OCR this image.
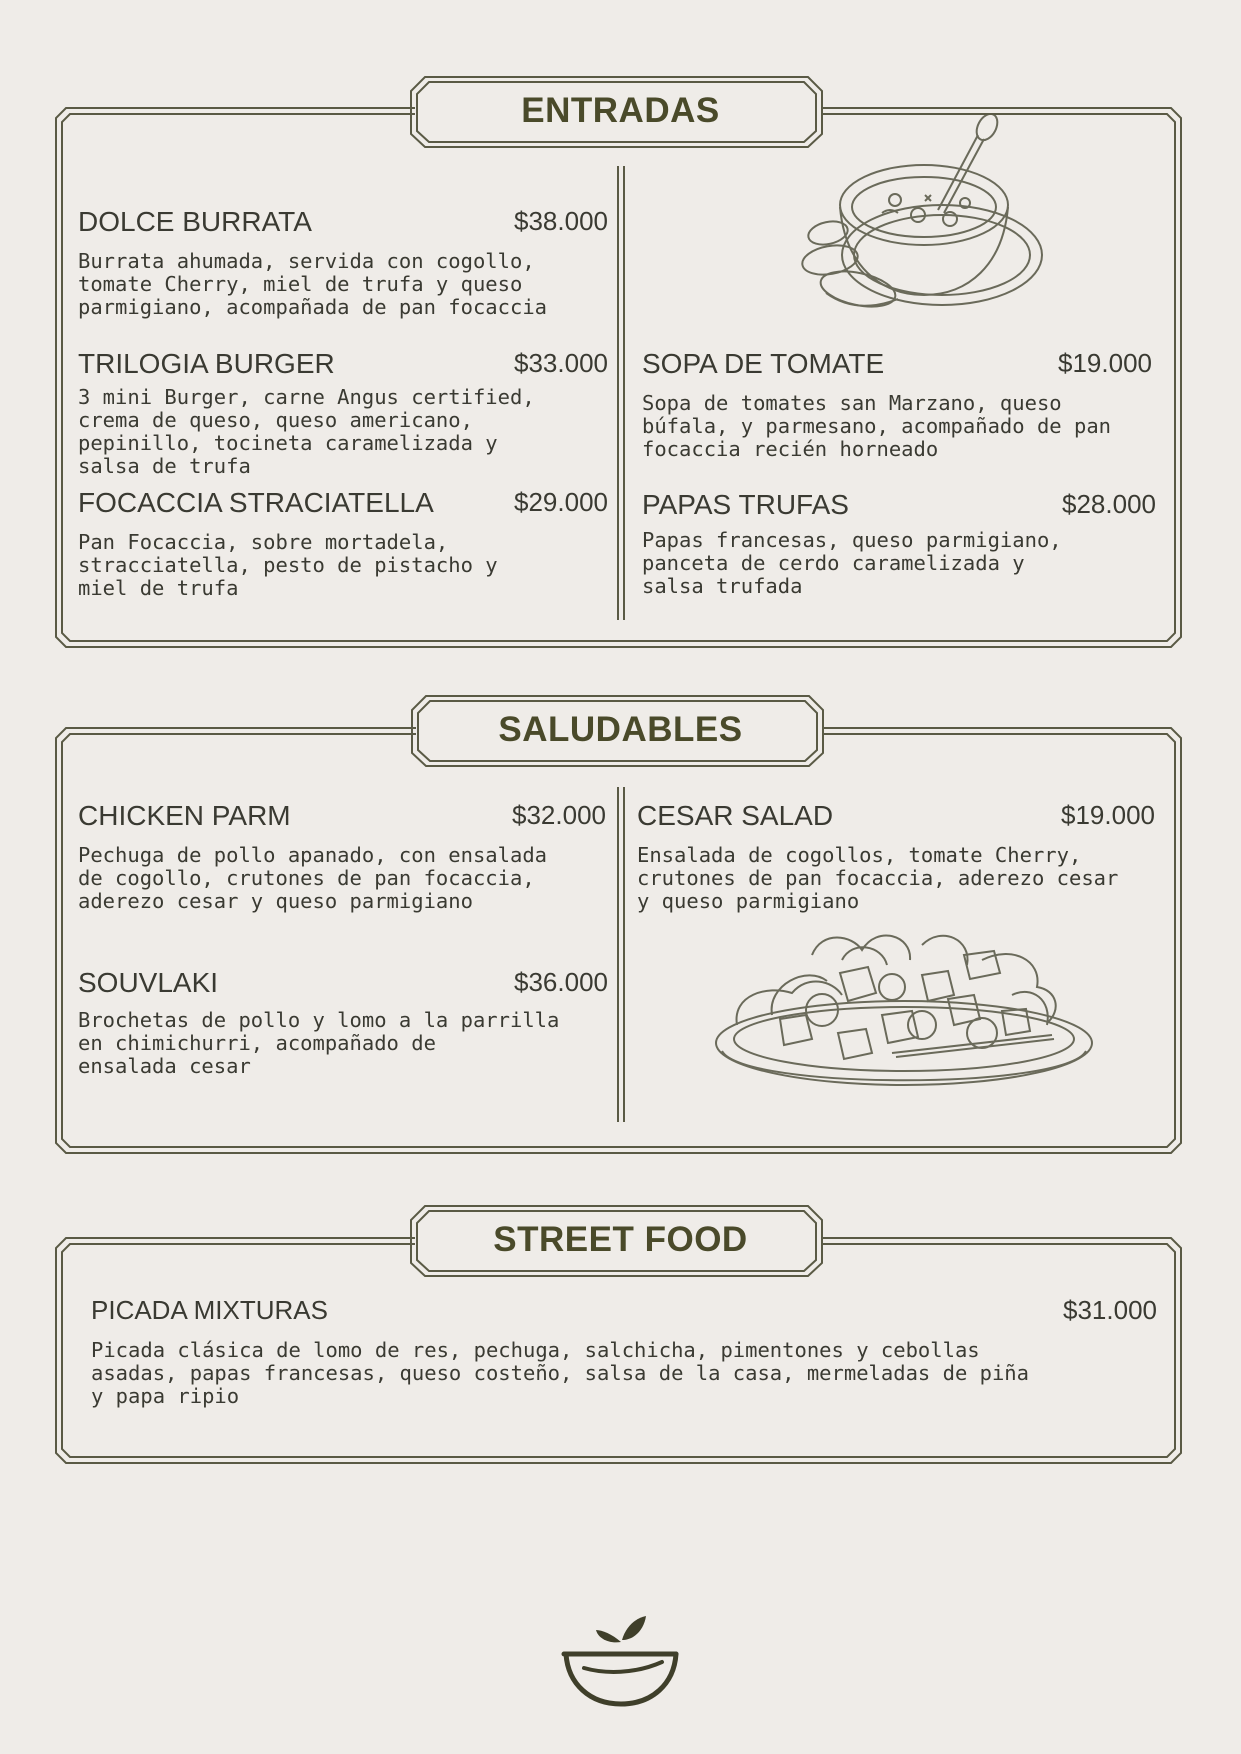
ENTRADAS
DOLCE BURRATA	$38.000
Burrata ahumada, servida con cogollo,
tomate Cherry, miel de trufa y queso
parmigiano, acompañada de pan focaccia
TRILOGIA BURGER	$33.000
3 mini Burger, carne Angus certified,
crema de queso, queso americano,
pepinillo, tocineta caramelizada y
salsa de trufa
FOCACCIA STRACIATELLA	$29.000
Pan Focaccia, sobre mortadela,
stracciatella, pesto de pistacho y
miel de trufa
SOPA DE TOMATE	$19.000
Sopa de tomates san Marzano, queso
búfala, y parmesano, acompañado de pan
focaccia recién horneado
PAPAS TRUFAS	$28.000
Papas francesas, queso parmigiano,
panceta de cerdo caramelizada y
salsa trufada
SALUDABLES
CHICKEN PARM	$32.000
Pechuga de pollo apanado, con ensalada
de cogollo, crutones de pan focaccia,
aderezo cesar y queso parmigiano
SOUVLAKI	$36.000
Brochetas de pollo y lomo a la parrilla
en chimichurri, acompañado de
ensalada cesar
CESAR SALAD	$19.000
Ensalada de cogollos, tomate Cherry,
crutones de pan focaccia, aderezo cesar
y queso parmigiano
STREET FOOD
PICADA MIXTURAS	$31.000
Picada clásica de lomo de res, pechuga, salchicha, pimentones y cebollas
asadas, papas francesas, queso costeño, salsa de la casa, mermeladas de piña
y papa ripio
